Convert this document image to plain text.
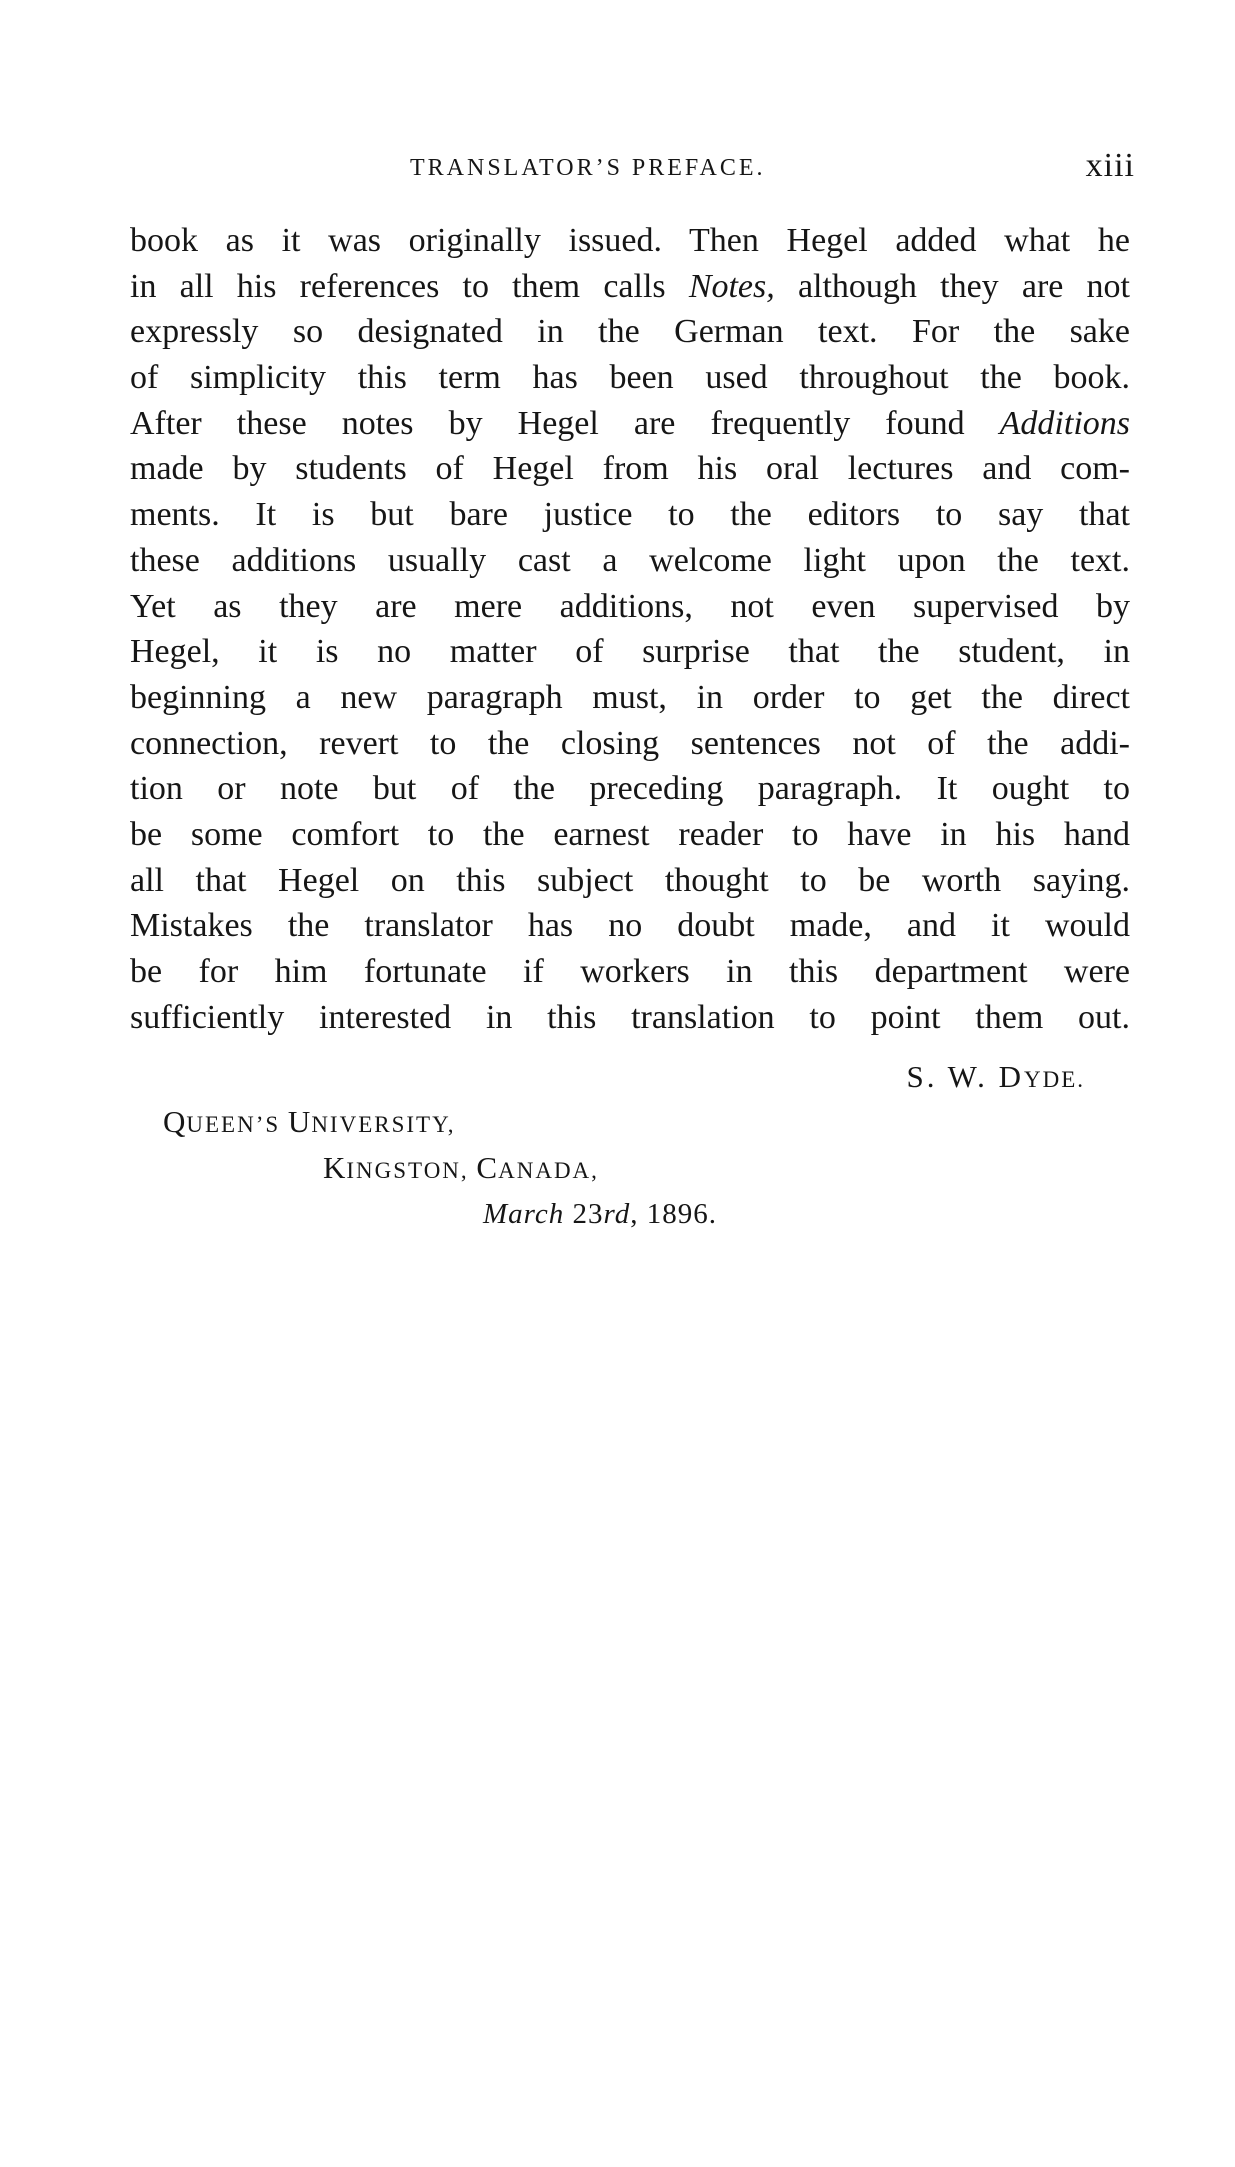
TRANSLATOR’S PREFACE.	xiii
book as it was originally issued. Then Hegel added what he
in all his references to them calls Notes, although they are not
expressly so designated in the German text. For the sake
of simplicity this term has been used throughout the book.
After these notes by Hegel are frequently found Additions
made by students of Hegel from his oral lectures and com-
ments. It is but bare justice to the editors to say that
these additions usually cast a welcome light upon the text.
Yet as they are mere additions, not even supervised by
Hegel, it is no matter of surprise that the student, in
beginning a new paragraph must, in order to get the direct
connection, revert to the closing sentences not of the addi-
tion or note but of the preceding paragraph. It ought to
be some comfort to the earnest reader to have in his hand
all that Hegel on this subject thought to be worth saying.
Mistakes the translator has no doubt made, and it would
be for him fortunate if workers in this department were
sufficiently interested in this translation to point them out.
S. W. DYDE.
QUEEN’S UNIVERSITY,
KINGSTON, CANADA,
March 23rd, 1896.
